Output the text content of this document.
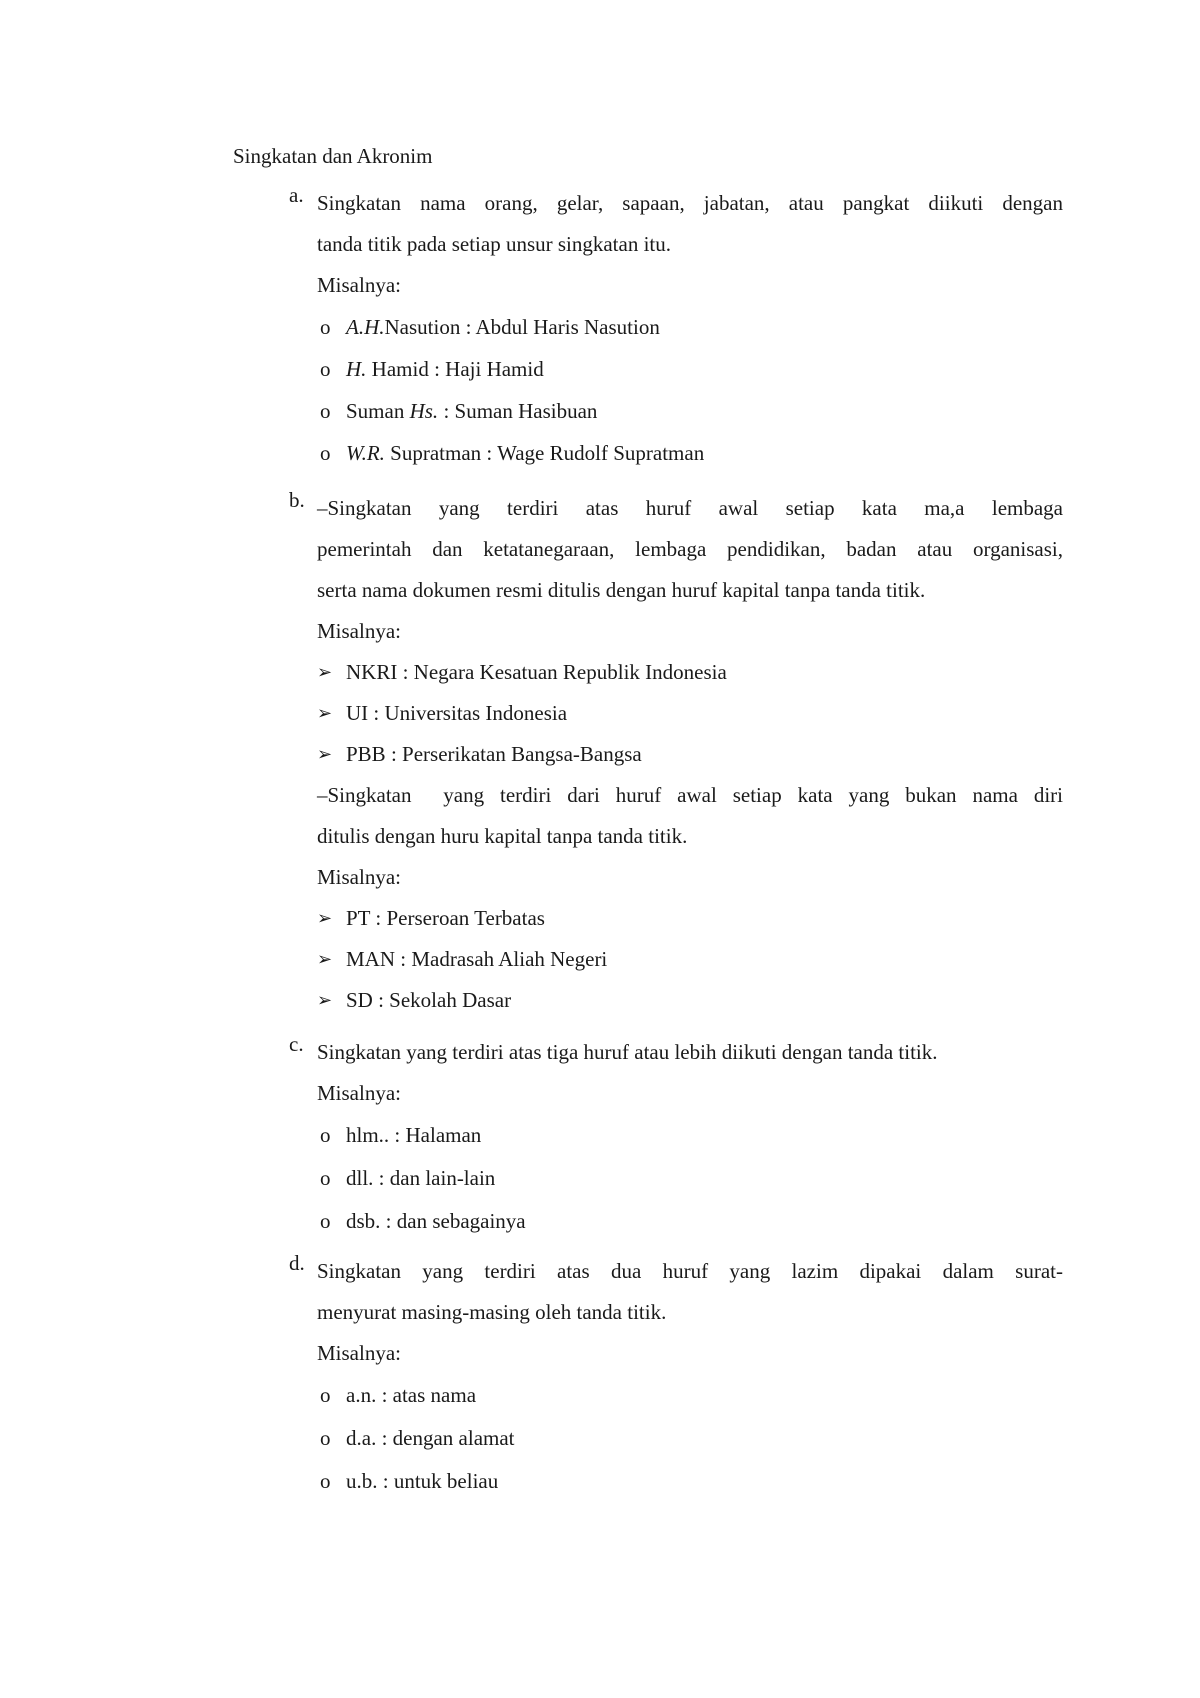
Singkatan dan Akronim
a. Singkatan nama orang, gelar, sapaan, jabatan, atau pangkat diikuti dengan
tanda titik pada setiap unsur singkatan itu.
Misalnya:
o A.H.Nasution : Abdul Haris Nasution
o H. Hamid : Haji Hamid
o Suman Hs. : Suman Hasibuan
o W.R. Supratman : Wage Rudolf Supratman
b. –Singkatan yang terdiri atas huruf awal setiap kata ma,a lembaga
pemerintah dan ketatanegaraan, lembaga pendidikan, badan atau organisasi,
serta nama dokumen resmi ditulis dengan huruf kapital tanpa tanda titik.
Misalnya:
➢ NKRI : Negara Kesatuan Republik Indonesia
➢ UI : Universitas Indonesia
➢ PBB : Perserikatan Bangsa-Bangsa
–Singkatan  yang terdiri dari huruf awal setiap kata yang bukan nama diri
ditulis dengan huru kapital tanpa tanda titik.
Misalnya:
➢ PT : Perseroan Terbatas
➢ MAN : Madrasah Aliah Negeri
➢ SD : Sekolah Dasar
c. Singkatan yang terdiri atas tiga huruf atau lebih diikuti dengan tanda titik.
Misalnya:
o hlm.. : Halaman
o dll. : dan lain-lain
o dsb. : dan sebagainya
d. Singkatan yang terdiri atas dua huruf yang lazim dipakai dalam surat-
menyurat masing-masing oleh tanda titik.
Misalnya:
o a.n. : atas nama
o d.a. : dengan alamat
o u.b. : untuk beliau
